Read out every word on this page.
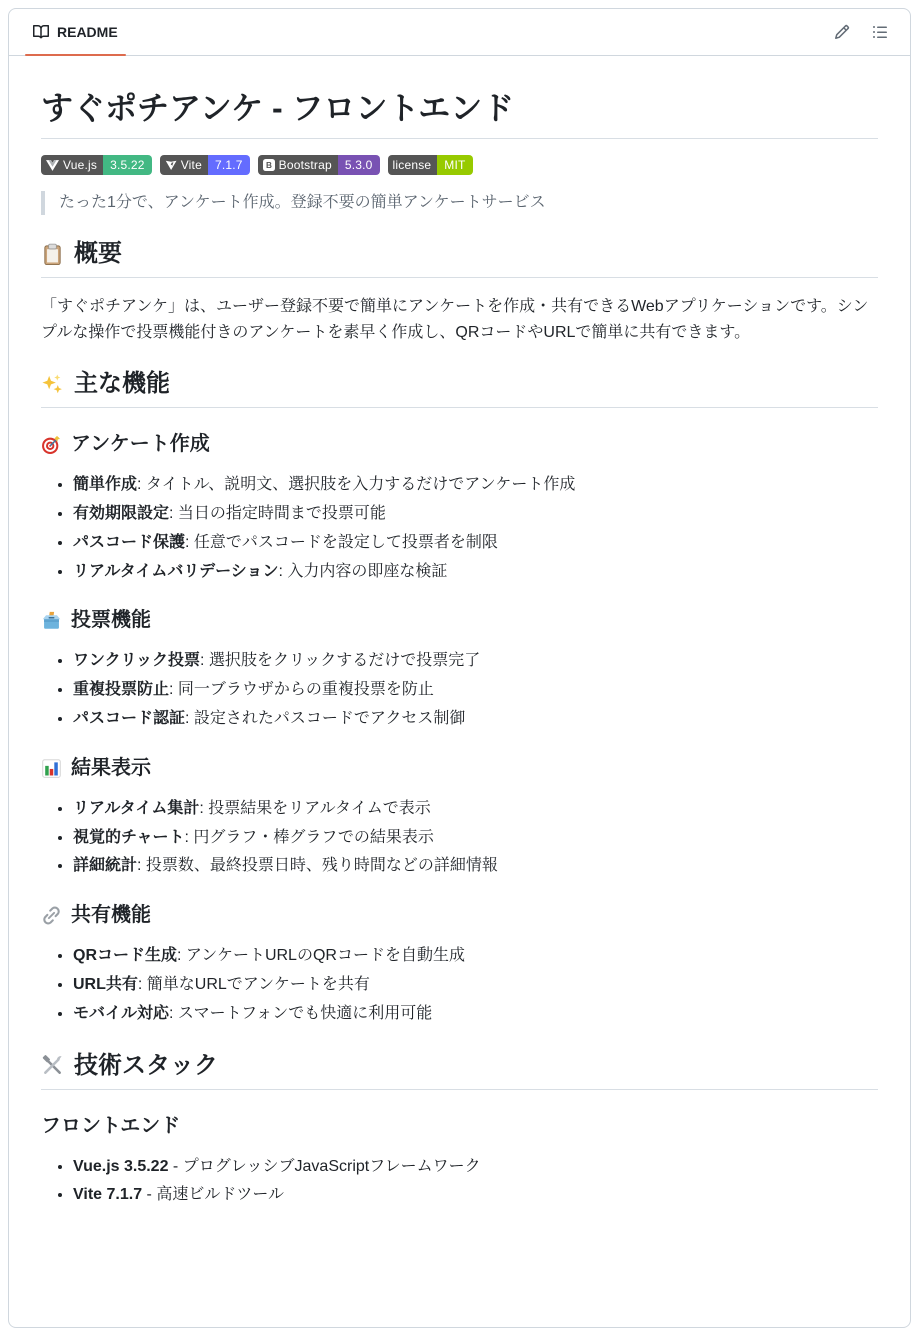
README
すぐポチアンケ - フロントエンド
Vue.js	3.5.22	Vite	7.1.7	B Bootstrap	5.3.0	license	MIT
たった1分で、アンケート作成。登録不要の簡単アンケートサービス
概要

「すぐポチアンケ」は、ユーザー登録不要で簡単にアンケートを作成・共有できるWebアプリケーションです。シンプルな操作で投票機能付きのアンケートを素早く作成し、QRコードやURLで簡単に共有できます。

主な機能
アンケート作成
• 簡単作成: タイトル、説明文、選択肢を入力するだけでアンケート作成
• 有効期限設定: 当日の指定時間まで投票可能
• パスコード保護: 任意でパスコードを設定して投票者を制限
• リアルタイムバリデーション: 入力内容の即座な検証
投票機能
• ワンクリック投票: 選択肢をクリックするだけで投票完了
• 重複投票防止: 同一ブラウザからの重複投票を防止
• パスコード認証: 設定されたパスコードでアクセス制御
結果表示
• リアルタイム集計: 投票結果をリアルタイムで表示
• 視覚的チャート: 円グラフ・棒グラフでの結果表示
• 詳細統計: 投票数、最終投票日時、残り時間などの詳細情報
共有機能
• QRコード生成: アンケートURLのQRコードを自動生成
• URL共有: 簡単なURLでアンケートを共有
• モバイル対応: スマートフォンでも快適に利用可能
技術スタック
フロントエンド
• Vue.js 3.5.22 - プログレッシブJavaScriptフレームワーク
• Vite 7.1.7 - 高速ビルドツール
